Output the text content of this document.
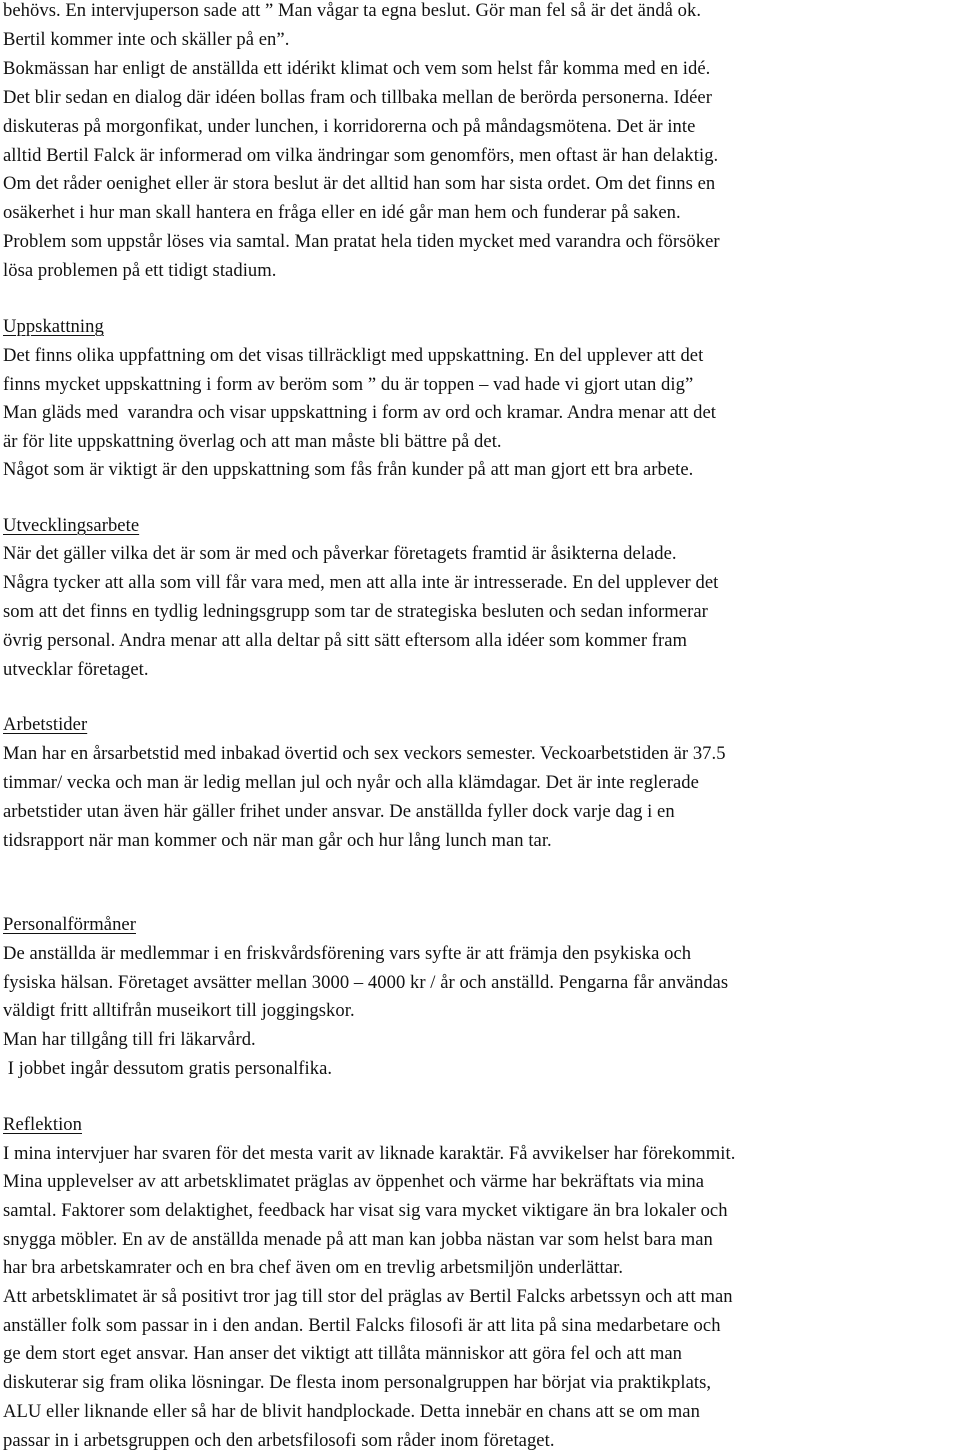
behövs. En intervjuperson sade att ” Man vågar ta egna beslut. Gör man fel så är det ändå ok.
Bertil kommer inte och skäller på en”.
Bokmässan har enligt de anställda ett idérikt klimat och vem som helst får komma med en idé.
Det blir sedan en dialog där idéen bollas fram och tillbaka mellan de berörda personerna. Idéer
diskuteras på morgonfikat, under lunchen, i korridorerna och på måndagsmötena. Det är inte
alltid Bertil Falck är informerad om vilka ändringar som genomförs, men oftast är han delaktig.
Om det råder oenighet eller är stora beslut är det alltid han som har sista ordet. Om det finns en
osäkerhet i hur man skall hantera en fråga eller en idé går man hem och funderar på saken.
Problem som uppstår löses via samtal. Man pratat hela tiden mycket med varandra och försöker
lösa problemen på ett tidigt stadium.
Uppskattning
Det finns olika uppfattning om det visas tillräckligt med uppskattning. En del upplever att det
finns mycket uppskattning i form av beröm som ” du är toppen – vad hade vi gjort utan dig”
Man gläds med  varandra och visar uppskattning i form av ord och kramar. Andra menar att det
är för lite uppskattning överlag och att man måste bli bättre på det.
Något som är viktigt är den uppskattning som fås från kunder på att man gjort ett bra arbete.
Utvecklingsarbete
När det gäller vilka det är som är med och påverkar företagets framtid är åsikterna delade.
Några tycker att alla som vill får vara med, men att alla inte är intresserade. En del upplever det
som att det finns en tydlig ledningsgrupp som tar de strategiska besluten och sedan informerar
övrig personal. Andra menar att alla deltar på sitt sätt eftersom alla idéer som kommer fram
utvecklar företaget.
Arbetstider
Man har en årsarbetstid med inbakad övertid och sex veckors semester. Veckoarbetstiden är 37.5
timmar/ vecka och man är ledig mellan jul och nyår och alla klämdagar. Det är inte reglerade
arbetstider utan även här gäller frihet under ansvar. De anställda fyller dock varje dag i en
tidsrapport när man kommer och när man går och hur lång lunch man tar.
Personalförmåner
De anställda är medlemmar i en friskvårdsförening vars syfte är att främja den psykiska och
fysiska hälsan. Företaget avsätter mellan 3000 – 4000 kr / år och anställd. Pengarna får användas
väldigt fritt alltifrån museikort till joggingskor.
Man har tillgång till fri läkarvård.
I jobbet ingår dessutom gratis personalfika.
Reflektion
I mina intervjuer har svaren för det mesta varit av liknade karaktär. Få avvikelser har förekommit.
Mina upplevelser av att arbetsklimatet präglas av öppenhet och värme har bekräftats via mina
samtal. Faktorer som delaktighet, feedback har visat sig vara mycket viktigare än bra lokaler och
snygga möbler. En av de anställda menade på att man kan jobba nästan var som helst bara man
har bra arbetskamrater och en bra chef även om en trevlig arbetsmiljön underlättar.
Att arbetsklimatet är så positivt tror jag till stor del präglas av Bertil Falcks arbetssyn och att man
anställer folk som passar in i den andan. Bertil Falcks filosofi är att lita på sina medarbetare och
ge dem stort eget ansvar. Han anser det viktigt att tillåta människor att göra fel och att man
diskuterar sig fram olika lösningar. De flesta inom personalgruppen har börjat via praktikplats,
ALU eller liknande eller så har de blivit handplockade. Detta innebär en chans att se om man
passar in i arbetsgruppen och den arbetsfilosofi som råder inom företaget.
